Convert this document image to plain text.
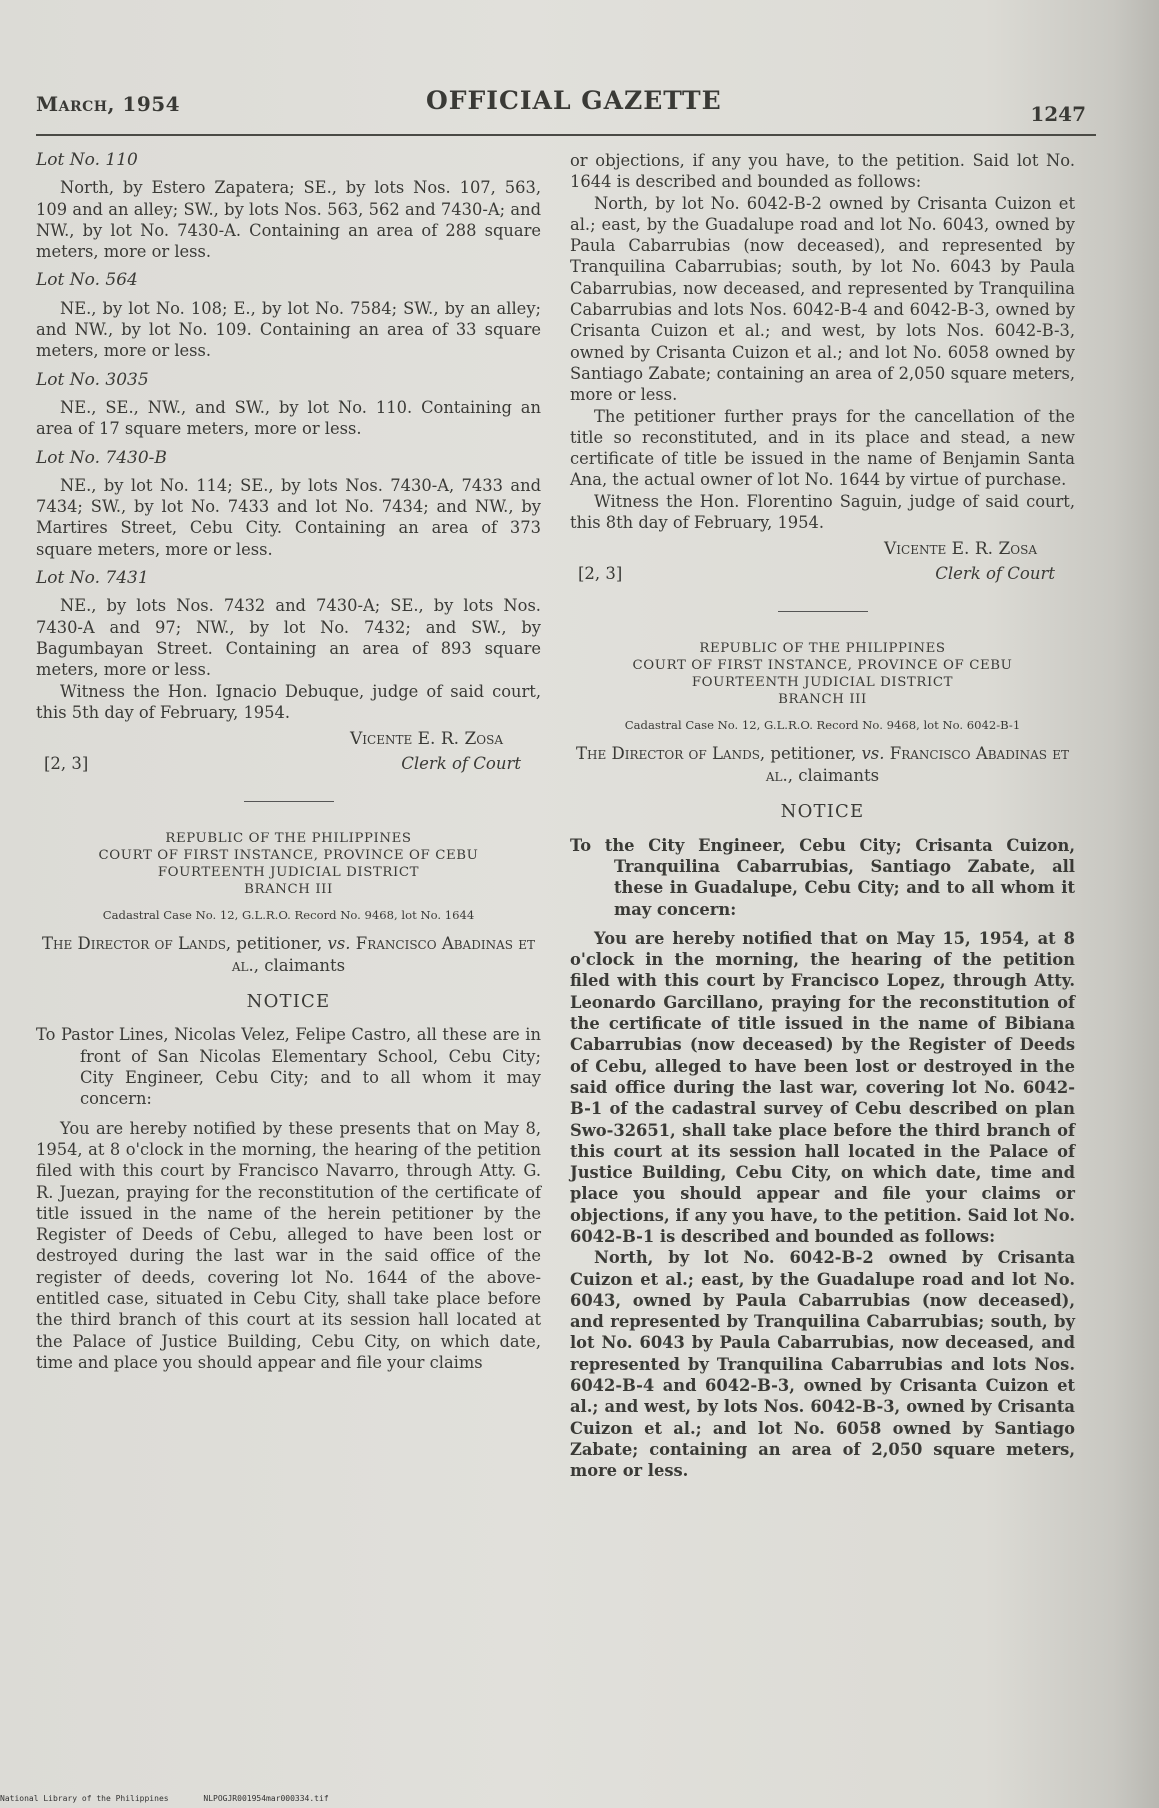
March, 1954	OFFICIAL GAZETTE	1247

Lot No. 110

North, by Estero Zapatera; SE., by lots Nos. 107, 563, 109 and an alley; SW., by lots Nos. 563, 562 and 7430-A; and NW., by lot No. 7430-A. Containing an area of 288 square meters, more or less.

Lot No. 564

NE., by lot No. 108; E., by lot No. 7584; SW., by an alley; and NW., by lot No. 109. Containing an area of 33 square meters, more or less.

Lot No. 3035

NE., SE., NW., and SW., by lot No. 110. Containing an area of 17 square meters, more or less.

Lot No. 7430-B

NE., by lot No. 114; SE., by lots Nos. 7430-A, 7433 and 7434; SW., by lot No. 7433 and lot No. 7434; and NW., by Martires Street, Cebu City. Containing an area of 373 square meters, more or less.

Lot No. 7431

NE., by lots Nos. 7432 and 7430-A; SE., by lots Nos. 7430-A and 97; NW., by lot No. 7432; and SW., by Bagumbayan Street. Containing an area of 893 square meters, more or less.

Witness the Hon. Ignacio Debuque, judge of said court, this 5th day of February, 1954.

Vicente E. R. Zosa
Clerk of Court
[2, 3]

REPUBLIC OF THE PHILIPPINES

COURT OF FIRST INSTANCE, PROVINCE OF CEBU

FOURTEENTH JUDICIAL DISTRICT

BRANCH III

Cadastral Case No. 12, G.L.R.O. Record No. 9468, lot No. 1644

The Director of Lands, petitioner, vs. Francisco Abadinas et al., claimants

NOTICE

To Pastor Lines, Nicolas Velez, Felipe Castro, all these are in front of San Nicolas Elementary School, Cebu City; City Engineer, Cebu City; and to all whom it may concern:

You are hereby notified by these presents that on May 8, 1954, at 8 o'clock in the morning, the hearing of the petition filed with this court by Francisco Navarro, through Atty. G. R. Juezan, praying for the reconstitution of the certificate of title issued in the name of the herein petitioner by the Register of Deeds of Cebu, alleged to have been lost or destroyed during the last war in the said office of the register of deeds, covering lot No. 1644 of the above-entitled case, situated in Cebu City, shall take place before the third branch of this court at its session hall located at the Palace of Justice Building, Cebu City, on which date, time and place you should appear and file your claims

or objections, if any you have, to the petition. Said lot No. 1644 is described and bounded as follows:

North, by lot No. 6042-B-2 owned by Crisanta Cuizon et al.; east, by the Guadalupe road and lot No. 6043, owned by Paula Cabarrubias (now deceased), and represented by Tranquilina Cabarrubias; south, by lot No. 6043 by Paula Cabarrubias, now deceased, and represented by Tranquilina Cabarrubias and lots Nos. 6042-B-4 and 6042-B-3, owned by Crisanta Cuizon et al.; and west, by lots Nos. 6042-B-3, owned by Crisanta Cuizon et al.; and lot No. 6058 owned by Santiago Zabate; containing an area of 2,050 square meters, more or less.

The petitioner further prays for the cancellation of the title so reconstituted, and in its place and stead, a new certificate of title be issued in the name of Benjamin Santa Ana, the actual owner of lot No. 1644 by virtue of purchase.

Witness the Hon. Florentino Saguin, judge of said court, this 8th day of February, 1954.

Vicente E. R. Zosa
Clerk of Court
[2, 3]

REPUBLIC OF THE PHILIPPINES

COURT OF FIRST INSTANCE, PROVINCE OF CEBU

FOURTEENTH JUDICIAL DISTRICT

BRANCH III

Cadastral Case No. 12, G.L.R.O. Record No. 9468, lot No. 6042-B-1

The Director of Lands, petitioner, vs. Francisco Abadinas et al., claimants

NOTICE

To the City Engineer, Cebu City; Crisanta Cuizon, Tranquilina Cabarrubias, Santiago Zabate, all these in Guadalupe, Cebu City; and to all whom it may concern:

You are hereby notified that on May 15, 1954, at 8 o'clock in the morning, the hearing of the petition filed with this court by Francisco Lopez, through Atty. Leonardo Garcillano, praying for the reconstitution of the certificate of title issued in the name of Bibiana Cabarrubias (now deceased) by the Register of Deeds of Cebu, alleged to have been lost or destroyed in the said office during the last war, covering lot No. 6042-B-1 of the cadastral survey of Cebu described on plan Swo-32651, shall take place before the third branch of this court at its session hall located in the Palace of Justice Building, Cebu City, on which date, time and place you should appear and file your claims or objections, if any you have, to the petition. Said lot No. 6042-B-1 is described and bounded as follows:

North, by lot No. 6042-B-2 owned by Crisanta Cuizon et al.; east, by the Guadalupe road and lot No. 6043, owned by Paula Cabarrubias (now deceased), and represented by Tranquilina Cabarrubias; south, by lot No. 6043 by Paula Cabarrubias, now deceased, and represented by Tranquilina Cabarrubias and lots Nos. 6042-B-4 and 6042-B-3, owned by Crisanta Cuizon et al.; and west, by lots Nos. 6042-B-3, owned by Crisanta Cuizon et al.; and lot No. 6058 owned by Santiago Zabate; containing an area of 2,050 square meters, more or less.

National Library of the Philippines	NLPOGJR001954mar000334.tif
